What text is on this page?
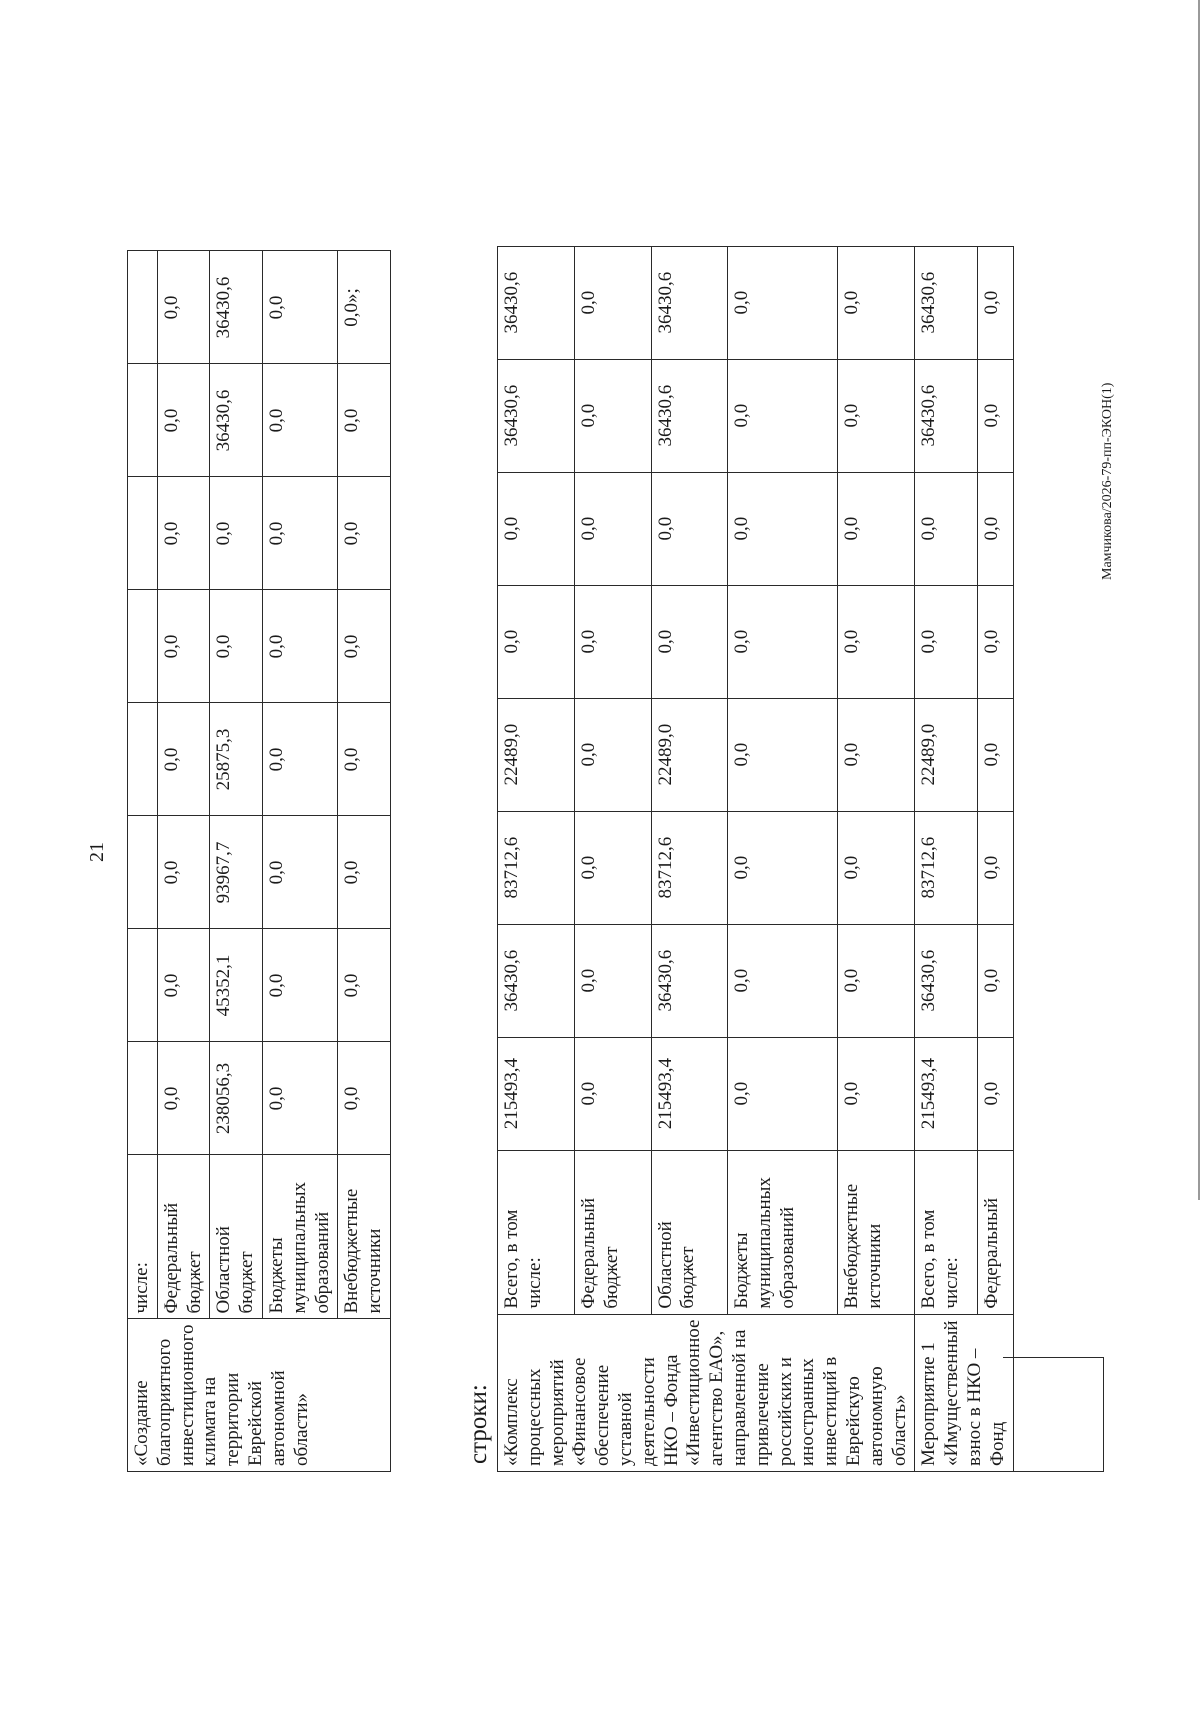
21
«Создание благоприятного инвестиционного климата на территории Еврейской автономной области»	числе:								
	Федеральный бюджет	0,0	0,0	0,0	0,0	0,0	0,0	0,0	0,0
	Областной бюджет	238056,3	45352,1	93967,7	25875,3	0,0	0,0	36430,6	36430,6
	Бюджеты муниципальных образований	0,0	0,0	0,0	0,0	0,0	0,0	0,0	0,0
	Внебюджетные источники	0,0	0,0	0,0	0,0	0,0	0,0	0,0	0,0»;
строки: «Комплекс процессных мероприятий «Финансовое обеспечение уставной деятельности НКО – Фонда «Инвестиционное агентство ЕАО», направленной на привлечение российских и иностранных инвестиций в Еврейскую автономную область»	Всего, в том числе:	215493,4	36430,6	83712,6	22489,0	0,0	0,0	36430,6	36430,6
	Федеральный бюджет	0,0	0,0	0,0	0,0	0,0	0,0	0,0	0,0
	Областной бюджет	215493,4	36430,6	83712,6	22489,0	0,0	0,0	36430,6	36430,6
	Бюджеты муниципальных образований	0,0	0,0	0,0	0,0	0,0	0,0	0,0	0,0
	Внебюджетные источники	0,0	0,0	0,0	0,0	0,0	0,0	0,0	0,0
Мероприятие 1 «Имущественный взнос в НКО – Фонд	Всего, в том числе:	215493,4	36430,6	83712,6	22489,0	0,0	0,0	36430,6	36430,6
	Федеральный	0,0	0,0	0,0	0,0	0,0	0,0	0,0	0,0
Мамчикова/2026-79-пп-ЭКОН(1)
